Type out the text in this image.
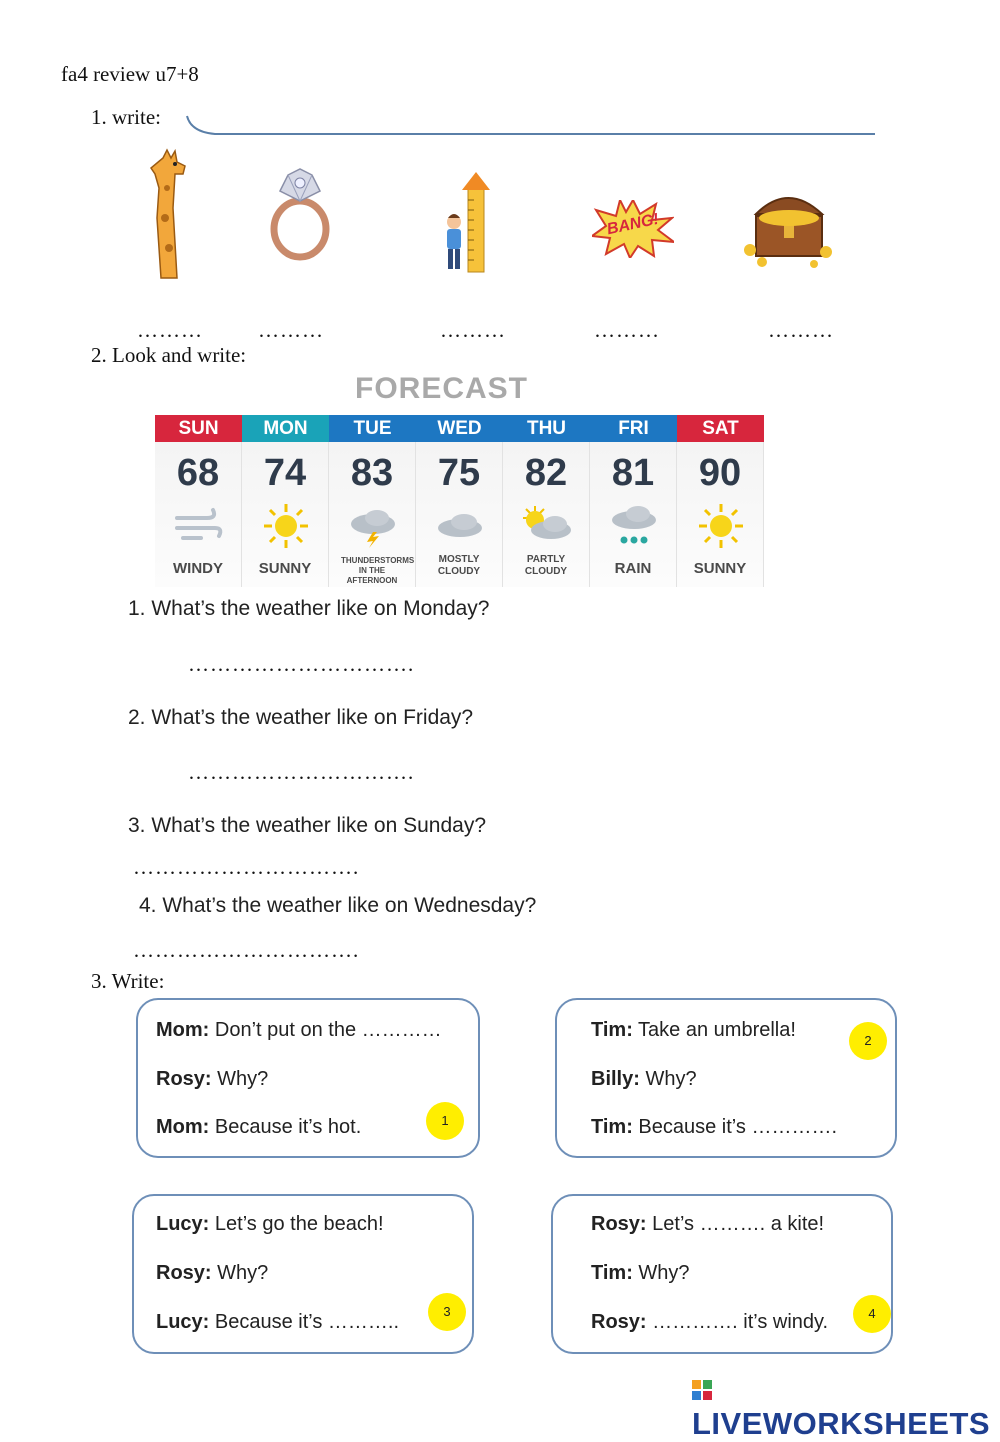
fa4 review u7+8
1. write:
BANG!
………	………	………	………	………
2. Look and write:
FORECAST
SUN
68
WINDY
MON
74
SUNNY
TUE
83
THUNDERSTORMS IN THE AFTERNOON
WED
75
MOSTLY CLOUDY
THU
82
PARTLY CLOUDY
FRI
81
RAIN
SAT
90
SUNNY
1. What’s the weather like on Monday?
………………………….
2. What’s the weather like on Friday?
………………………….
3. What’s the weather like on Sunday?
………………………….
4. What’s the weather like on Wednesday?
………………………….
3. Write:
Mom: Don’t put on the …………
Rosy: Why?
Mom: Because it’s hot.	1
Tim: Take an umbrella!
Billy: Why?
Tim: Because it’s ………….
2
Lucy: Let’s go the beach!
Rosy: Why?
Lucy: Because it’s ………..	3
Rosy: Let’s ………. a kite!
Tim: Why?
Rosy: …………. it’s windy.	4
LIVEWORKSHEETS
